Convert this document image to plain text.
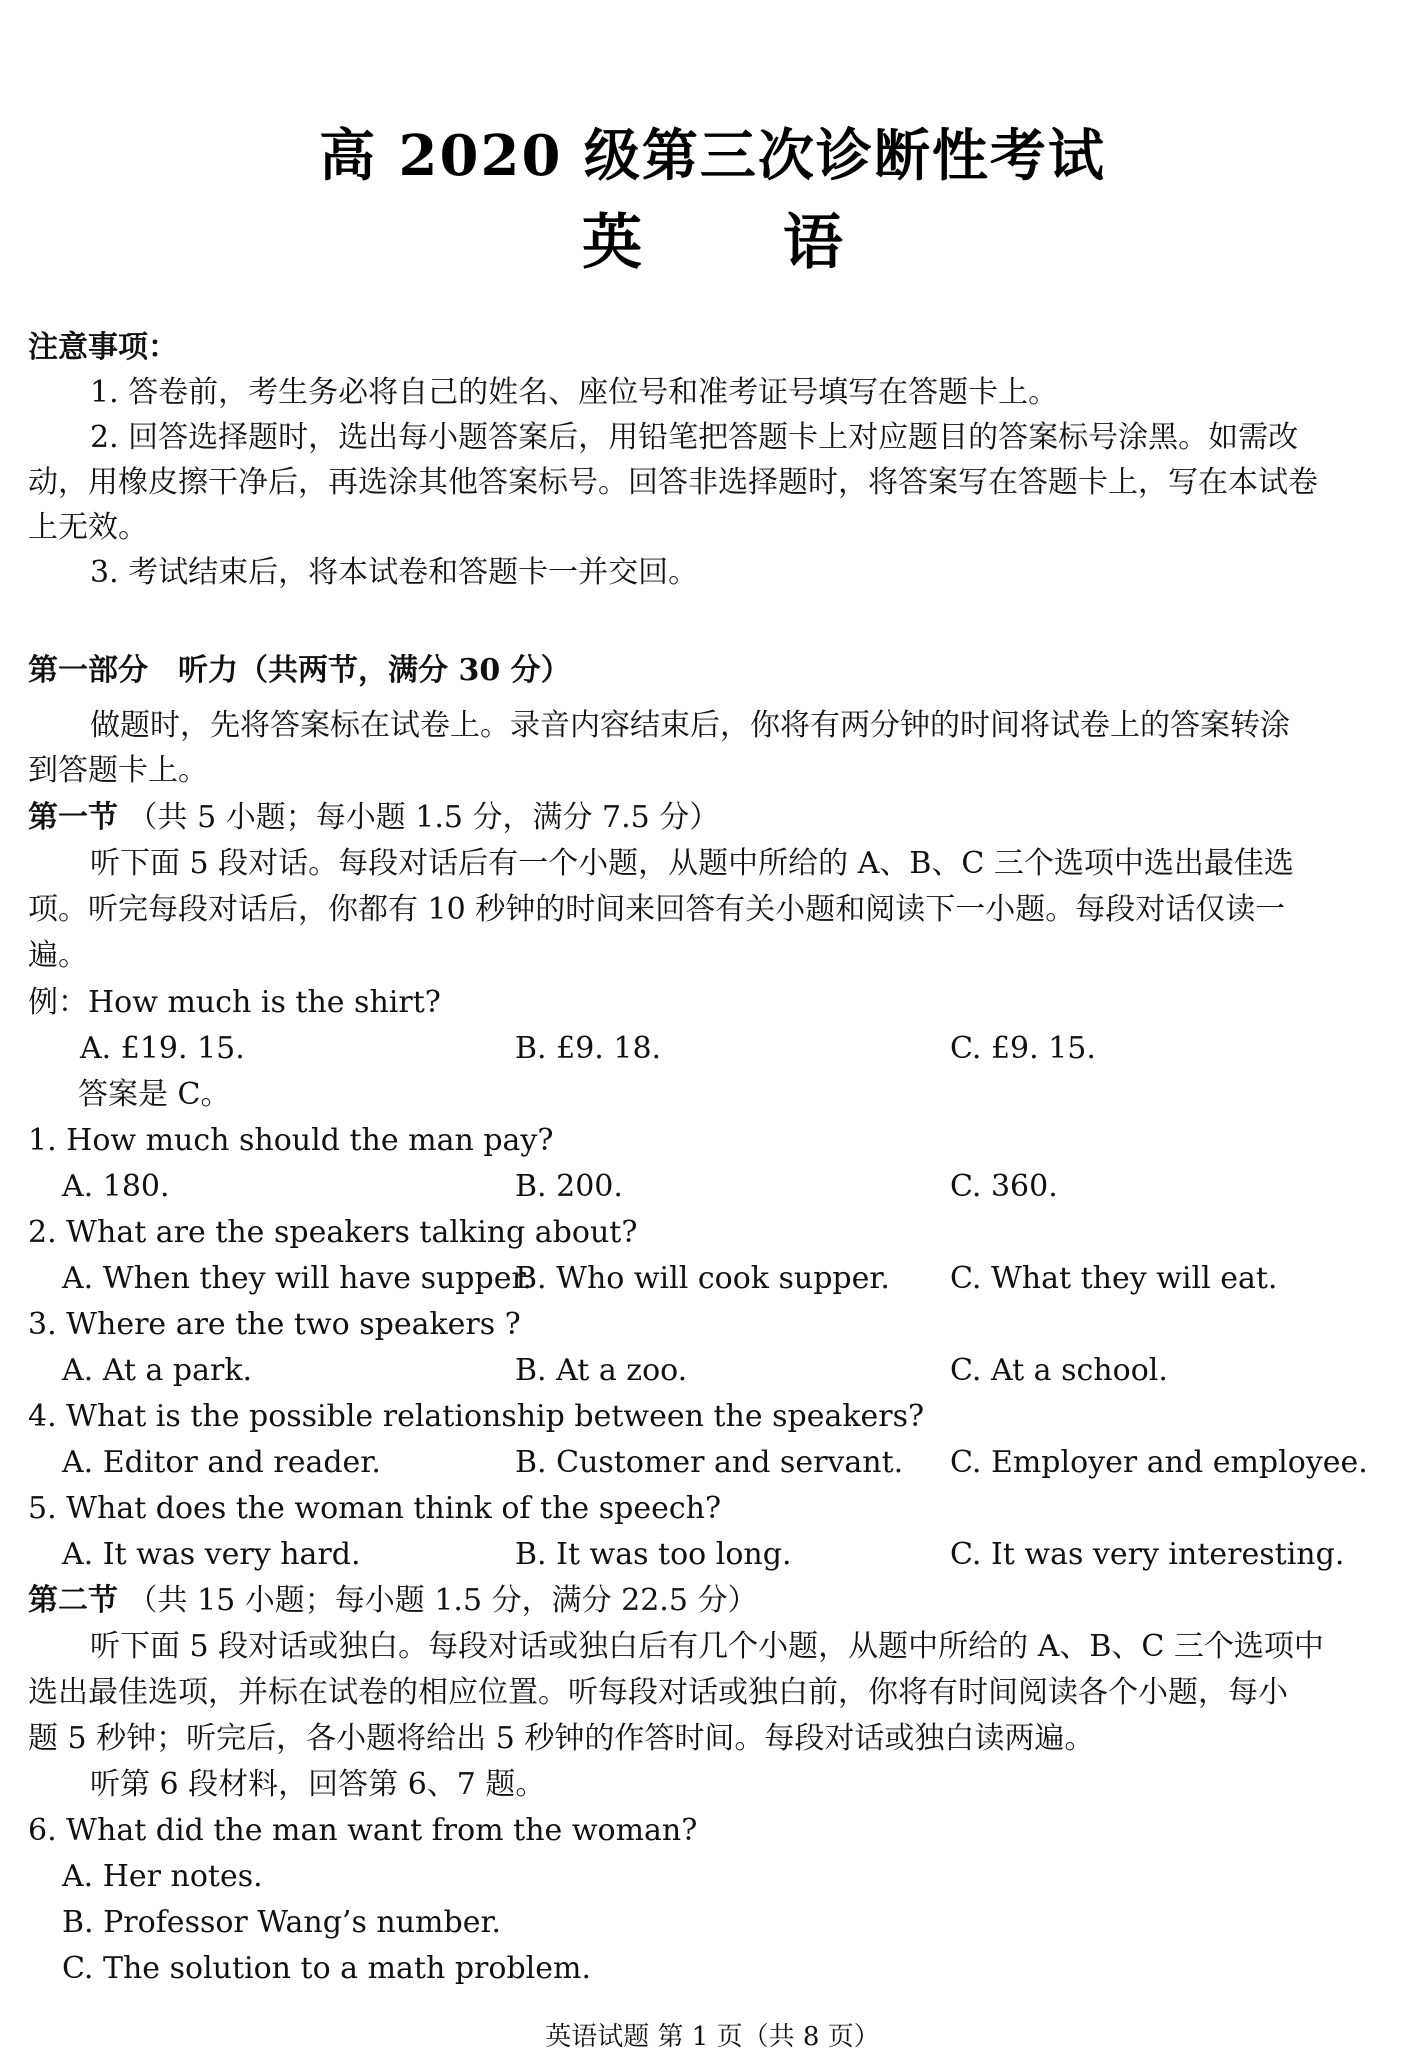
高 2020 级第三次诊断性考试
英 语
注意事项：
1. 答卷前，考生务必将自己的姓名、座位号和准考证号填写在答题卡上。
2. 回答选择题时，选出每小题答案后，用铅笔把答题卡上对应题目的答案标号涂黑。如需改
动，用橡皮擦干净后，再选涂其他答案标号。回答非选择题时，将答案写在答题卡上，写在本试卷
上无效。
3. 考试结束后，将本试卷和答题卡一并交回。
第一部分　听力（共两节，满分 30 分）
做题时，先将答案标在试卷上。录音内容结束后，你将有两分钟的时间将试卷上的答案转涂
到答题卡上。
第一节 （共 5 小题；每小题 1.5 分，满分 7.5 分）
听下面 5 段对话。每段对话后有一个小题，从题中所给的 A、B、C 三个选项中选出最佳选
项。听完每段对话后，你都有 10 秒钟的时间来回答有关小题和阅读下一小题。每段对话仅读一
遍。
例：How much is the shirt?
A. £19. 15.	B. £9. 18.	C. £9. 15.
答案是 C。
1. How much should the man pay?
A. 180.	B. 200.	C. 360.
2. What are the speakers talking about?
A. When they will have supper.
B. Who will cook supper. C. What they will eat.
3. Where are the two speakers ?
A. At a park.	B. At a zoo.	C. At a school.
4. What is the possible relationship between the speakers?
A. Editor and reader.	B. Customer and servant. C. Employer and employee.
5. What does the woman think of the speech?
A. It was very hard.	B. It was too long.	C. It was very interesting.
第二节 （共 15 小题；每小题 1.5 分，满分 22.5 分）
听下面 5 段对话或独白。每段对话或独白后有几个小题，从题中所给的 A、B、C 三个选项中
选出最佳选项，并标在试卷的相应位置。听每段对话或独白前，你将有时间阅读各个小题，每小
题 5 秒钟；听完后，各小题将给出 5 秒钟的作答时间。每段对话或独白读两遍。
听第 6 段材料，回答第 6、7 题。
6. What did the man want from the woman?
A. Her notes.
B. Professor Wang’s number.
C. The solution to a math problem.
英语试题 第 1 页（共 8 页）
